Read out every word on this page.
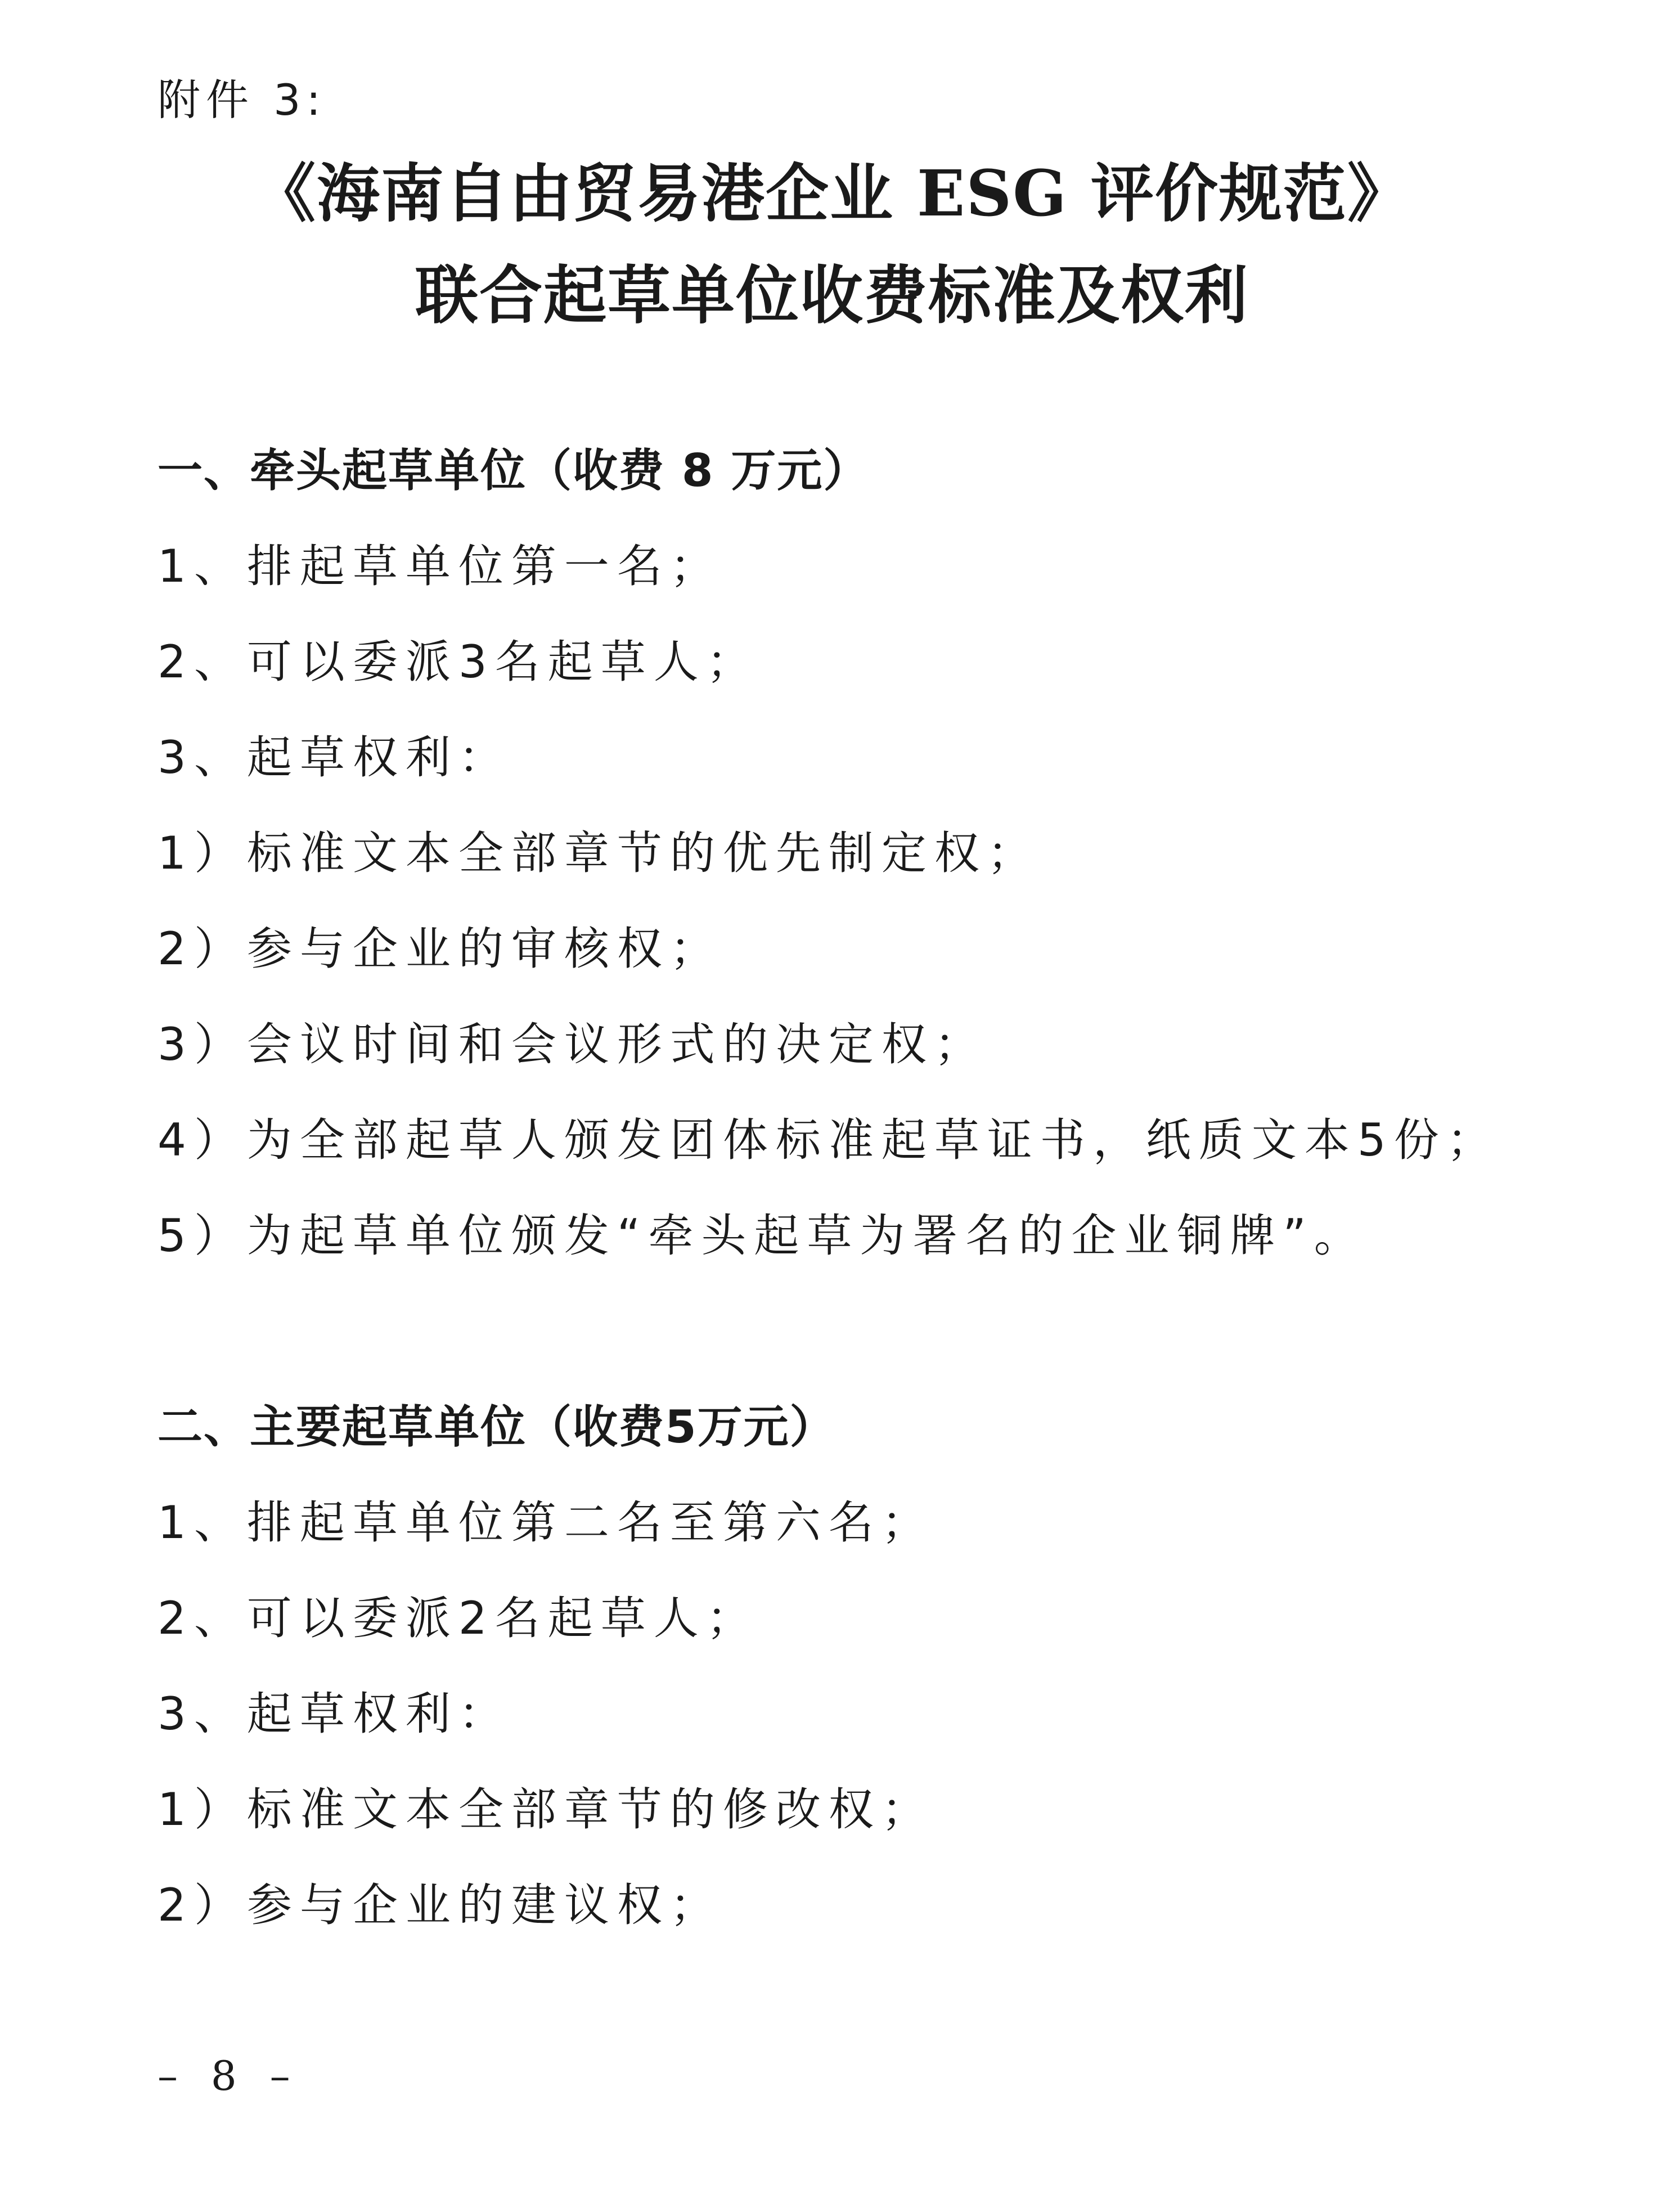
附件 3:
《海南自由贸易港企业 ESG 评价规范》
联合起草单位收费标准及权利
一、牵头起草单位（收费 8 万元）
1、排起草单位第一名；
2、可以委派3名起草人；
3、起草权利：
1）标准文本全部章节的优先制定权；
2）参与企业的审核权；
3）会议时间和会议形式的决定权；
4）为全部起草人颁发团体标准起草证书，纸质文本5份；
5）为起草单位颁发“牵头起草为署名的企业铜牌”。
二、主要起草单位（收费5万元）
1、排起草单位第二名至第六名；
2、可以委派2名起草人；
3、起草权利：
1）标准文本全部章节的修改权；
2）参与企业的建议权；
– 8 –
